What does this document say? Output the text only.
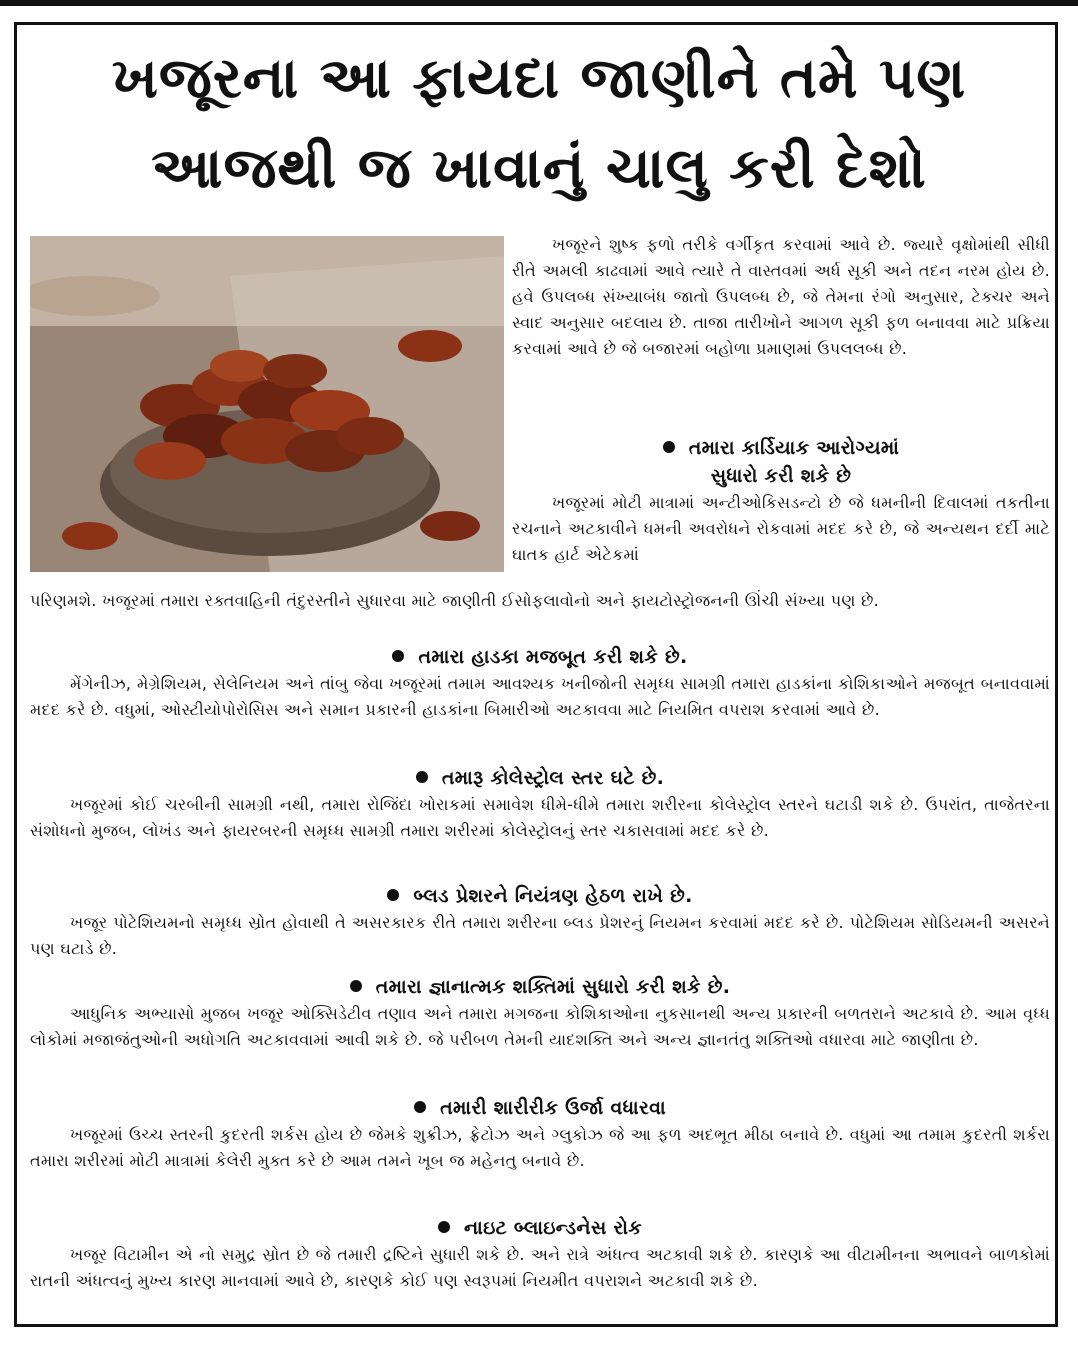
ખજૂરના આ ફાયદા જાણીને તમે પણ
આજથી જ ખાવાનું ચાલુ કરી દેશો

ખજૂરને શુષ્ક ફળો તરીકે વર્ગીકૃત કરવામાં આવે છે. જ્યારે વૃક્ષોમાંથી સીધી રીતે અમલી કાઢવામાં આવે ત્યારે તે વાસ્તવમાં અર્ધ સૂકી અને તદન નરમ હોય છે. હવે ઉપલબ્ધ સંખ્યાબંધ જાતો ઉપલબ્ધ છે, જે તેમના રંગો અનુસાર, ટેક્ચર અને સ્વાદ અનુસાર બદલાય છે. તાજા તારીખોને આગળ સૂકી ફળ બનાવવા માટે પ્રક્રિયા કરવામાં આવે છે જે બજારમાં બહોળા પ્રમાણમાં ઉપલલબ્ધ છે.

તમારા કાર્ડિયાક આરોગ્યમાં
સુધારો કરી શકે છે

ખજૂરમાં મોટી માત્રામાં અન્ટીઓકિસડન્ટો છે જે ધમનીની દિવાલમાં તકતીના રચનાને અટકાવીને ધમની અવરોધને રોકવામાં મદદ કરે છે, જે અન્યથન દર્દી માટે ઘાતક હાર્ટ એટેકમાં

પરિણમશે. ખજૂરમાં તમારા રક્તવાહિની તંદુરસ્તીને સુધારવા માટે જાણીતી ઈસોફલાવોનો અને ફાયટોસ્ટ્રોજનની ઊંચી સંખ્યા પણ છે.

તમારા હાડકા મજબૂત કરી શકે છે.

મેંગેનીઝ, મેગ્રેશિયમ, સેલેનિયમ અને તાંબુ જેવા ખજૂરમાં તમામ આવશ્યક ખનીજોની સમૃધ્ધ સામગ્રી તમારા હાડકાંના કોશિકાઓને મજબૂત બનાવવામાં મદદ કરે છે. વધુમાં, ઓસ્ટીયોપોરોસિસ અને સમાન પ્રકારની હાડકાંના બિમારીઓ અટકાવવા માટે નિયમિત વપરાશ કરવામાં આવે છે.

તમારૂ કોલેસ્ટ્રોલ સ્તર ઘટે છે.

ખજૂરમાં કોઈ ચરબીની સામગ્રી નથી, તમારા રોજિંદા ખોરાકમાં સમાવેશ ધીમે-ધીમે તમારા શરીરના કોલેસ્ટ્રોલ સ્તરને ઘટાડી શકે છે. ઉપરાંત, તાજેતરના સંશોધનો મુજબ, લોખંડ અને ફાયરબરની સમૃધ્ધ સામગ્રી તમારા શરીરમાં કોલેસ્ટ્રોલનું સ્તર ચકાસવામાં મદદ કરે છે.

બ્લડ પ્રેશરને નિયંત્રણ હેઠળ રાખે છે.

ખજૂર પોટેશિયમનો સમૃધ્ધ સ્રોત હોવાથી તે અસરકારક રીતે તમારા શરીરના બ્લડ પ્રેશરનું નિયમન કરવામાં મદદ કરે છે. પોટેશિયમ સોડિયમની અસરને પણ ઘટાડે છે.

તમારા જ્ઞાનાત્મક શક્તિમાં સુધારો કરી શકે છે.

આધુનિક અભ્યાસો મુજબ ખજૂર ઓક્સિડેટીવ તણાવ અને તમારા મગજના કોશિકાઓના નુકસાનથી અન્ય પ્રકારની બળતરાને અટકાવે છે. આમ વૃધ્ધ લોકોમાં મજાજંતુઓની અધોગતિ અટકાવવામાં આવી શકે છે. જે પરીબળ તેમની યાદશક્તિ અને અન્ય જ્ઞાનતંતુ શક્તિઓ વધારવા માટે જાણીતા છે.

તમારી શારીરીક ઉર્જા વધારવા

ખજૂરમાં ઉચ્ચ સ્તરની કુદરતી શર્કસ હોય છે જેમકે શુક્રીઝ, ફ્રેટોઝ અને ગ્લુકોઝ જે આ ફળ અદભૂત મીઠા બનાવે છે. વધુમાં આ તમામ કુદરતી શર્કરા તમારા શરીરમાં મોટી માત્રામાં કેલેરી મુક્ત કરે છે આમ તમને ખૂબ જ મહેનતુ બનાવે છે.

નાઇટ બ્લાઇન્ડનેસ રોક

ખજૂર વિટામીન એ નો સમુદ્ર સ્રોત છે જે તમારી દ્રષ્ટિને સુધારી શકે છે. અને રાત્રે અંધત્વ અટકાવી શકે છે. કારણકે આ વીટામીનના અભાવને બાળકોમાં રાતની અંધત્વનું મુખ્ય કારણ માનવામાં આવે છે, કારણકે કોઈ પણ સ્વરૂપમાં નિયમીત વપરાશને અટકાવી શકે છે.
